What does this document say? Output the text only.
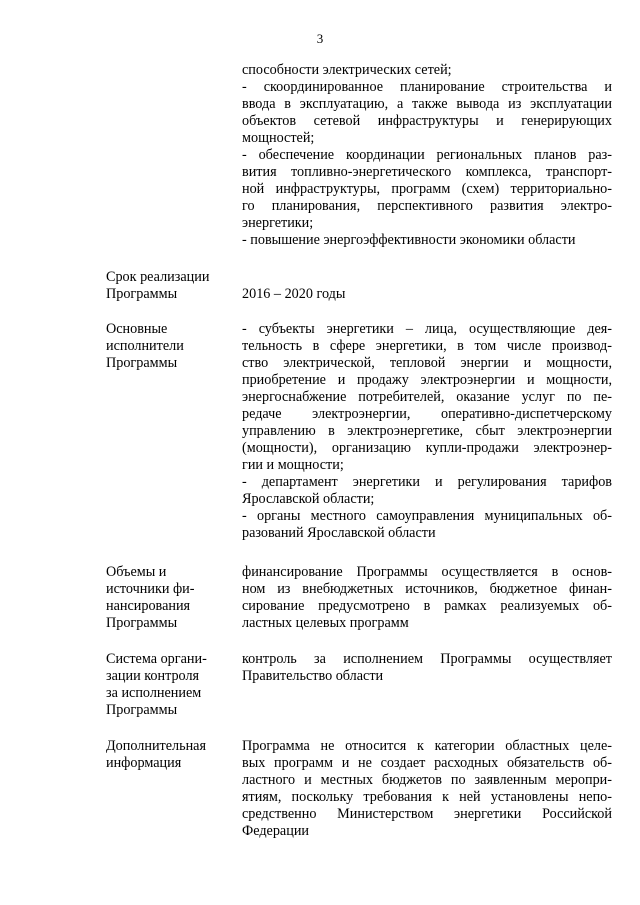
3
способности электрических сетей;
- скоординированное планирование строительства и
ввода в эксплуатацию, а также вывода из эксплуатации
объектов сетевой инфраструктуры и генерирующих
мощностей;
- обеспечение координации региональных планов раз-
вития топливно-энергетического комплекса, транспорт-
ной инфраструктуры, программ (схем) территориально-
го планирования, перспективного развития электро-
энергетики;
- повышение энергоэффективности экономики области
Срок реализации
Программы	2016 – 2020 годы
Основные
исполнители
Программы
- субъекты энергетики – лица, осуществляющие дея-
тельность в сфере энергетики, в том числе производ-
ство электрической, тепловой энергии и мощности,
приобретение и продажу электроэнергии и мощности,
энергоснабжение потребителей, оказание услуг по пе-
редаче электроэнергии, оперативно-диспетчерскому
управлению в электроэнергетике, сбыт электроэнергии
(мощности), организацию купли-продажи электроэнер-
гии и мощности;
- департамент энергетики и регулирования тарифов
Ярославской области;
- органы местного самоуправления муниципальных об-
разований Ярославской области
Объемы и
источники фи-
нансирования
Программы
финансирование Программы осуществляется в основ-
ном из внебюджетных источников, бюджетное финан-
сирование предусмотрено в рамках реализуемых об-
ластных целевых программ
Система органи-
зации контроля
за исполнением
Программы
контроль за исполнением Программы осуществляет
Правительство области
Дополнительная
информация
Программа не относится к категории областных целе-
вых программ и не создает расходных обязательств об-
ластного и местных бюджетов по заявленным меропри-
ятиям, поскольку требования к ней установлены непо-
средственно Министерством энергетики Российской
Федерации
